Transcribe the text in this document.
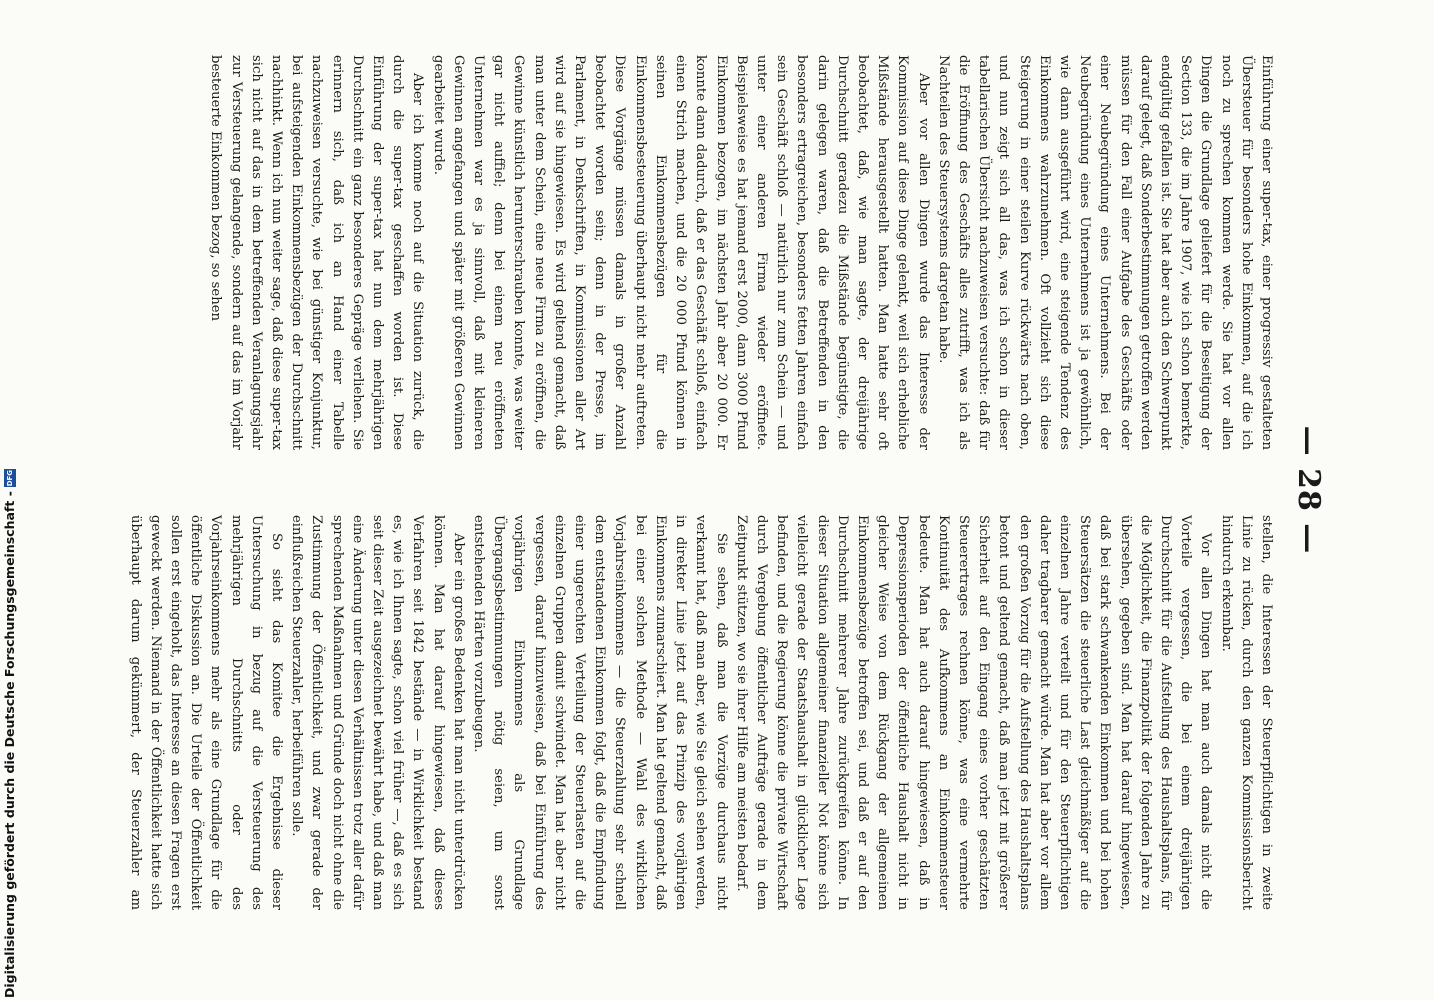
— 28 —

Einführung einer super-tax, einer progressiv gestalteten Übersteuer für besonders hohe Einkommen, auf die ich noch zu sprechen kommen werde. Sie hat vor allen Dingen die Grundlage geliefert für die Beseitigung der Section 133, die im Jahre 1907, wie ich schon bemerkte, endgültig gefallen ist. Sie hat aber auch den Schwerpunkt darauf gelegt, daß Sonderbestimmungen getroffen werden müssen für den Fall einer Aufgabe des Geschäfts oder einer Neubegründung eines Unternehmens. Bei der Neubegründung eines Unternehmens ist ja gewöhnlich, wie dann ausgeführt wird, eine steigende Tendenz des Einkommens wahrzunehmen. Oft vollzieht sich diese Steigerung in einer steilen Kurve rückwärts nach oben, und nun zeigt sich all das, was ich schon in dieser tabellarischen Übersicht nachzuweisen versuchte: daß für die Eröffnung des Geschäfts alles zutrifft, was ich als Nachteilen des Steuersystems dargetan habe.

Aber vor allen Dingen wurde das Interesse der Kommission auf diese Dinge gelenkt, weil sich erhebliche Mißstände herausgestellt hatten. Man hatte sehr oft beobachtet, daß, wie man sagte, der dreijährige Durchschnitt geradezu die Mißstände begünstigte, die darin gelegen waren, daß die Betreffenden in den besonders ertragreichen, besonders fetten Jahren einfach sein Geschäft schloß — natürlich nur zum Schein — und unter einer anderen Firma wieder eröffnete. Beispielsweise es hat jemand erst 2000, dann 3000 Pfund Einkommen bezogen, im nächsten Jahr aber 20 000. Er konnte dann dadurch, daß er das Geschäft schloß, einfach einen Strich machen, und die 20 000 Pfund können in seinen Einkommensbezügen für die Einkommensbesteuerung überhaupt nicht mehr auftreten. Diese Vorgänge müssen damals in großer Anzahl beobachtet worden sein; denn in der Presse, im Parlament, in Denkschriften, in Kommissionen aller Art wird auf sie hingewiesen. Es wird geltend gemacht, daß man unter dem Schein, eine neue Firma zu eröffnen, die Gewinne künstlich herunterschrauben konnte, was weiter gar nicht auffiel; denn bei einem neu eröffneten Unternehmen war es ja sinnvoll, daß mit kleineren Gewinnen angefangen und später mit größeren Gewinnen gearbeitet wurde.

Aber ich komme noch auf die Situation zurück, die durch die super-tax geschaffen worden ist. Diese Einführung der super-tax hat nun dem mehrjährigen Durchschnitt ein ganz besonderes Gepräge verliehen. Sie erinnern sich, daß ich an Hand einer Tabelle nachzuweisen versuchte, wie bei günstiger Konjunktur, bei aufsteigenden Einkommensbezügen der Durchschnitt nachhinkt. Wenn ich nun weiter sage, daß diese super-tax sich nicht auf das in dem betreffenden Veranlagungsjahr zur Versteuerung gelangende, sondern auf das im Vorjahr besteuerte Einkommen bezog, so sehen

stellen, die Interessen der Steuerpflichtigen in zweite Linie zu rücken, durch den ganzen Kommissionsbericht hindurch erkennbar.

Vor allen Dingen hat man auch damals nicht die Vorteile vergessen, die bei einem dreijährigen Durchschnitt für die Aufstellung des Haushaltsplans, für die Möglichkeit, die Finanzpolitik der folgenden Jahre zu übersehen, gegeben sind. Man hat darauf hingewiesen, daß bei stark schwankenden Einkommen und bei hohen Steuersätzen die steuerliche Last gleichmäßiger auf die einzelnen Jahre verteilt und für den Steuerpflichtigen daher tragbarer gemacht würde. Man hat aber vor allem den großen Vorzug für die Aufstellung des Haushaltsplans betont und geltend gemacht, daß man jetzt mit größerer Sicherheit auf den Eingang eines vorher geschätzten Steuerertrages rechnen könne, was eine vermehrte Kontinuität des Aufkommens an Einkommensteuer bedeute. Man hat auch darauf hingewiesen, daß in Depressionsperioden der öffentliche Haushalt nicht in gleicher Weise von dem Rückgang der allgemeinen Einkommensbezüge betroffen sei, und daß er auf den Durchschnitt mehrerer Jahre zurückgreifen könne. In dieser Situation allgemeiner finanzieller Not könne sich vielleicht gerade der Staatshaushalt in glücklicher Lage befinden, und die Regierung könne die private Wirtschaft durch Vergebung öffentlicher Aufträge gerade in dem Zeitpunkt stützen, wo sie ihrer Hilfe am meisten bedarf.

Sie sehen, daß man die Vorzüge durchaus nicht verkannt hat, daß man aber, wie Sie gleich sehen werden, in direkter Linie jetzt auf das Prinzip des vorjährigen Einkommens zumarschiert. Man hat geltend gemacht, daß bei einer solchen Methode — Wahl des wirklichen Vorjahrseinkommens — die Steuerzahlung sehr schnell dem entstandenen Einkommen folgt, daß die Empfindung einer ungerechten Verteilung der Steuerlasten auf die einzelnen Gruppen damit schwindet. Man hat aber nicht vergessen, darauf hinzuweisen, daß bei Einführung des vorjährigen Einkommens als Grundlage Übergangsbestimmungen nötig seien, um sonst entstehenden Härten vorzubeugen.

Aber ein großes Bedenken hat man nicht unterdrücken können. Man hat darauf hingewiesen, daß dieses Verfahren seit 1842 bestände — in Wirklichkeit bestand es, wie ich Ihnen sagte, schon viel früher —, daß es sich seit dieser Zeit ausgezeichnet bewährt habe, und daß man eine Änderung unter diesen Verhältnissen trotz aller dafür sprechenden Maßnahmen und Gründe doch nicht ohne die Zustimmung der Öffentlichkeit, und zwar gerade der einflußreichen Steuerzahler, herbeiführen solle.

So sieht das Komitee die Ergebnisse dieser Untersuchung in bezug auf die Versteuerung des mehrjährigen Durchschnitts oder des Vorjahrseinkommens mehr als eine Grundlage für die öffentliche Diskussion an. Die Urteile der Öffentlichkeit sollen erst eingeholt, das Interesse an diesen Fragen erst geweckt werden. Niemand in der Öffentlichkeit hatte sich überhaupt darum gekümmert, der Steuerzahler am

Digitalisierung gefördert durch die Deutsche Forschungsgemeinschaft -
DFG
